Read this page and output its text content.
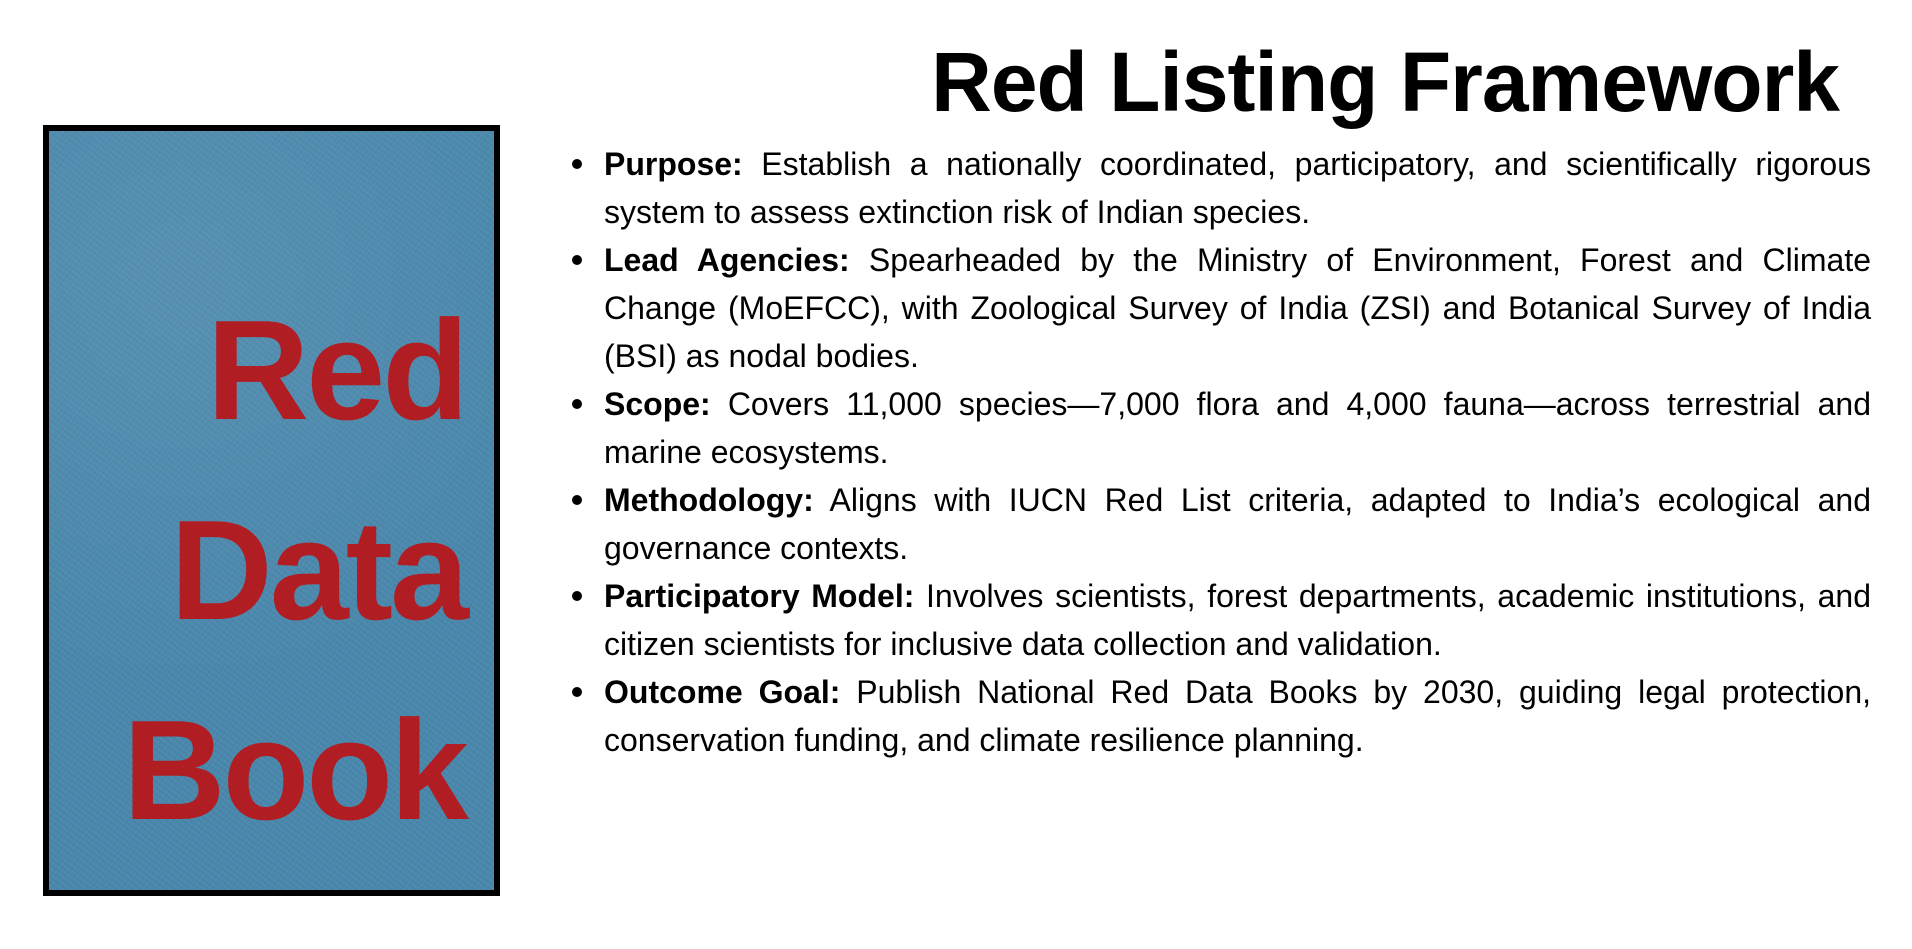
Red Listing Framework
Red
Data
Book
Purpose: Establish a nationally coordinated, participatory, and scientifically rigorous system to assess extinction risk of Indian species.
Lead Agencies: Spearheaded by the Ministry of Environment, Forest and Climate Change (MoEFCC), with Zoological Survey of India (ZSI) and Botanical Survey of India (BSI) as nodal bodies.
Scope: Covers 11,000 species—7,000 flora and 4,000 fauna—across terrestrial and marine ecosystems.
Methodology: Aligns with IUCN Red List criteria, adapted to India’s ecological and governance contexts.
Participatory Model: Involves scientists, forest departments, academic institutions, and citizen scientists for inclusive data collection and validation.
Outcome Goal: Publish National Red Data Books by 2030, guiding legal protection, conservation funding, and climate resilience planning.
